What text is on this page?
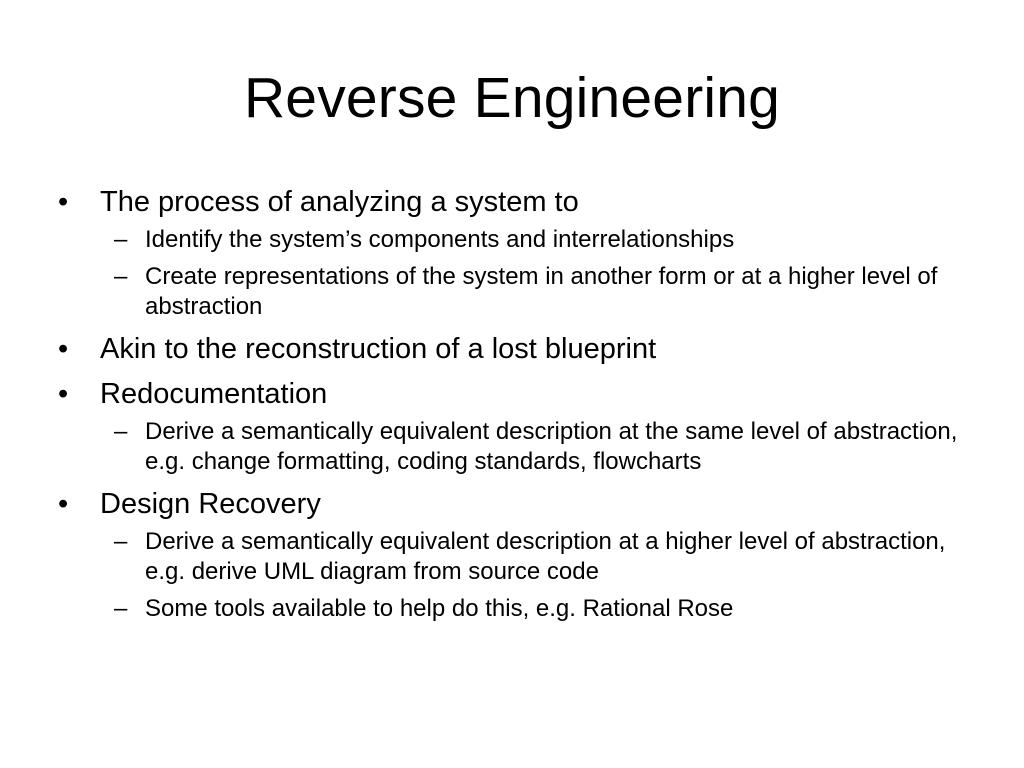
Reverse Engineering
•	The process of analyzing a system to
– Identify the system’s components and interrelationships
– Create representations of the system in another form or at a higher level of abstraction
•	Akin to the reconstruction of a lost blueprint
•	Redocumentation
– Derive a semantically equivalent description at the same level of abstraction, e.g. change formatting, coding standards, flowcharts
•	Design Recovery
– Derive a semantically equivalent description at a higher level of abstraction, e.g. derive UML diagram from source code
– Some tools available to help do this, e.g. Rational Rose
